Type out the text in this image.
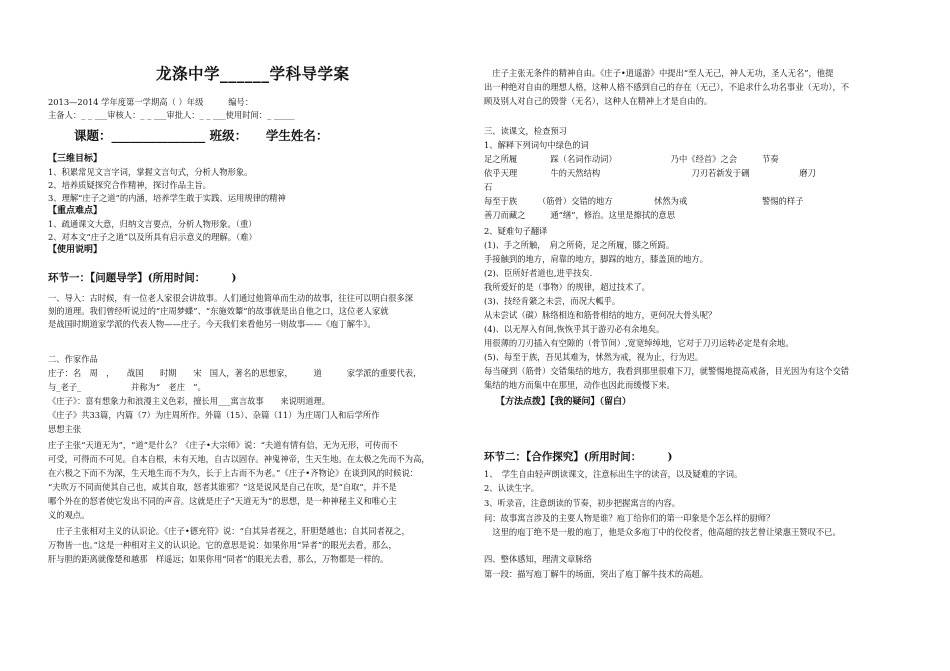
龙涤中学______学科导学案
2013—2014 学年度第一学期高（ ）年级　　　编号：
主备人：_ _ ___审核人：_ _ ___审批人：_ _ ___使用时间：_ _____
课题：_______________ 班级：　　学生姓名：
【三维目标】
1、积累常见文言字词，掌握文言句式，分析人物形象。
2、培养质疑探究合作精神，探讨作品主旨。
3、理解“庄子之道”的内涵，培养学生敢于实践、运用规律的精神
【重点难点】
1、疏通课文大意，归纳文言要点，分析人物形象。（重）
2、对本文“庄子之道”以及所具有启示意义的理解。（难）
【使用说明】
环节一：【问题导学】(所用时间：　　　)
一、导入：古时候，有一位老人家很会讲故事。人们通过他简单而生动的故事，往往可以明白很多深
刻的道理。我们曾经听说过的“庄周梦蝶”、“东施效颦”的故事就是出自他之口，这位老人家就
是战国时期道家学派的代表人物——庄子。今天我们来看他另一则故事——《庖丁解牛》。
二、作家作品
庄子：名　周　，　　战国　　时期　　宋　国人，著名的思想家，　　　道　　　家学派的重要代表，
与_老子_　　　　　　并称为“　老庄　”。
《庄子》：富有想象力和浪漫主义色彩，擅长用___寓言故事　　来说明道理。
《庄子》共33篇，内篇（7）为庄周所作。外篇（15）、杂篇（11）为庄周门人和后学所作
思想主张
庄子主张“天道无为”，“道”是什么？《庄子•大宗师》说：“夫道有情有信，无为无形，可传而不
可受，可得而不可见。自本自根，未有天地，自古以固存。神鬼神帝，生天生地。在太极之先而不为高，
在六极之下而不为深，生天地生而不为久，长于上古而不为老。”《庄子•齐物论》在谈到风的时候说：
“夫吹万不同而使其自己也，咸其自取，怒者其谁邪？”这是说风是自己在吹，是“自取”，并不是
哪个外在的怒者使它发出不同的声音。这就是庄子“天道无为”的思想，是一种神秘主义和唯心主
义的观点。
　庄子主张相对主义的认识论。《庄子•德充符》说：“自其异者视之，肝胆楚越也；自其同者视之，
万物皆一也。”这是一种相对主义的认识论。它的意思是说：如果你用“异者”的眼光去看，那么，
肝与胆的距离就像楚和越那　样遥远；如果你用“同者”的眼光去看，那么，万物都是一样的。
　庄子主张无条件的精神自由。《庄子•逍遥游》中提出“至人无己，神人无功，圣人无名”，他提
出一种绝对自由的理想人格，这种人格不感到自己的存在（无己），不追求什么功名事业（无功），不
顾及别人对自己的毁誉（无名），这种人在精神上才是自由的。
三、读课文，检查预习
1、解释下列词句中绿色的词
足之所履　　　　踩（名词作动词）　　　　　　　乃中《经首》之会　　　节奏
依乎天理　　　　牛的天然结构　　　　　　　　　　　刀刃若新发于硎　　　　　　磨刀
石
每至于族　　　（筋骨）交错的地方　　　　　怵然为戒　　　　　　　　　警惕的样子
善刀而藏之　　　通“缮”，修治。这里是擦拭的意思
2、疑难句子翻译
(1)、手之所触，　肩之所倚，足之所履，膝之所踦。
手接触到的地方，肩靠的地方，脚踩的地方，膝盖顶的地方。
(2)、臣所好者道也,进乎技矣.
我所爱好的是（事物）的规律，超过技术了。
(3)、技经肯綮之未尝，而况大軱乎。
从未尝试（碳）脉络相连和筋骨相结的地方，更何况大骨头呢？
(4)、以无厚入有间,恢恢乎其于游刃必有余地矣。
用很薄的刀刃插入有空隙的（骨节间）,宽宽绰绰地，它对于刀刃运转必定是有余地。
(5)、每至于族，吾见其难为，怵然为戒，视为止，行为迟。
每当碰到（筋骨）交错集结的地方，我看到那里很难下刀，就警惕地提高戒备，目光因为有这个交错
集结的地方而集中在那里，动作也因此而缓慢下来。
【方法点拨】【我的疑问】（留白）
环节二：【合作探究】(所用时间：　　　)
1、　学生自由轻声朗读课文，注意标出生字的读音，以及疑难的字词。
2、认读生字。
3、听录音，注意朗读的节奏，初步把握寓言的内容。
问：故事寓言涉及的主要人物是谁？庖丁给你们的第一印象是个怎么样的厨师？
　这里的庖丁绝不是一般的庖丁，他是众多庖丁中的佼佼者，他高超的技艺曾让梁惠王赞叹不已。
四、整体感知，理清文章脉络
第一段：描写庖丁解牛的场面，突出了庖丁解牛技术的高超。
